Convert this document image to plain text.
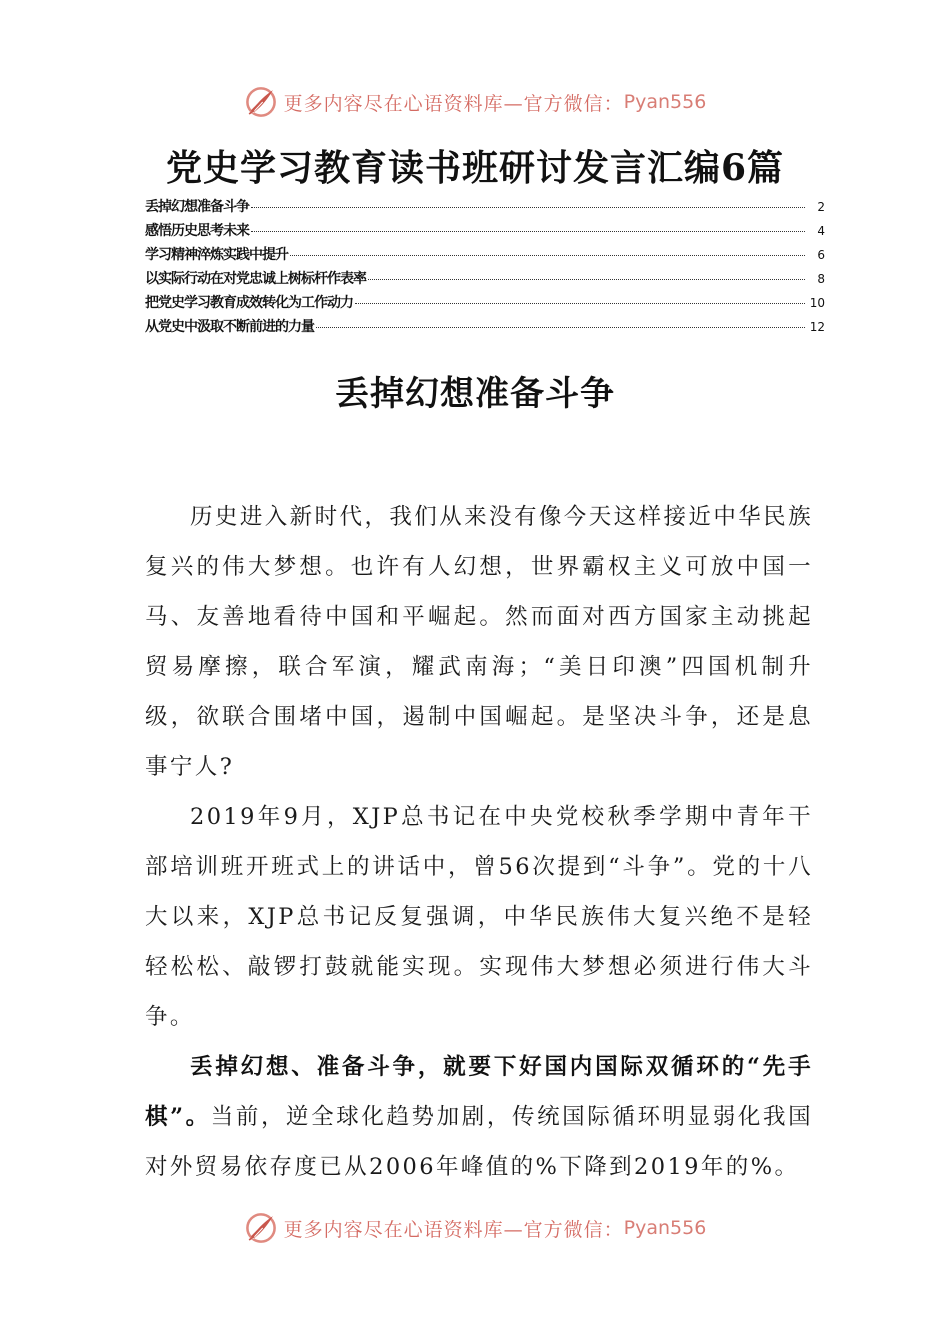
更多内容尽在心语资料库—官方微信： Pyan556
党史学习教育读书班研讨发言汇编6篇
丢掉幻想准备斗争	2
感悟历史思考未来	4
学习精神淬炼实践中提升	6
以实际行动在对党忠诚上树标杆作表率	8
把党史学习教育成效转化为工作动力	10
从党史中汲取不断前进的力量	12
丢掉幻想准备斗争

历史进入新时代，我们从来没有像今天这样接近中华民族复兴的伟大梦想。也许有人幻想，世界霸权主义可放中国一马、友善地看待中国和平崛起。然而面对西方国家主动挑起贸易摩擦，联合军演，耀武南海；“美日印澳”四国机制升级，欲联合围堵中国，遏制中国崛起。是坚决斗争，还是息事宁人?

2019年9月，XJP总书记在中央党校秋季学期中青年干部培训班开班式上的讲话中，曾56次提到“斗争”。党的十八大以来，XJP总书记反复强调，中华民族伟大复兴绝不是轻轻松松、敲锣打鼓就能实现。实现伟大梦想必须进行伟大斗争。

丢掉幻想、准备斗争，就要下好国内国际双循环的“先手棋”。当前，逆全球化趋势加剧，传统国际循环明显弱化我国对外贸易依存度已从2006年峰值的%下降到2019年的%。

更多内容尽在心语资料库—官方微信： Pyan556
